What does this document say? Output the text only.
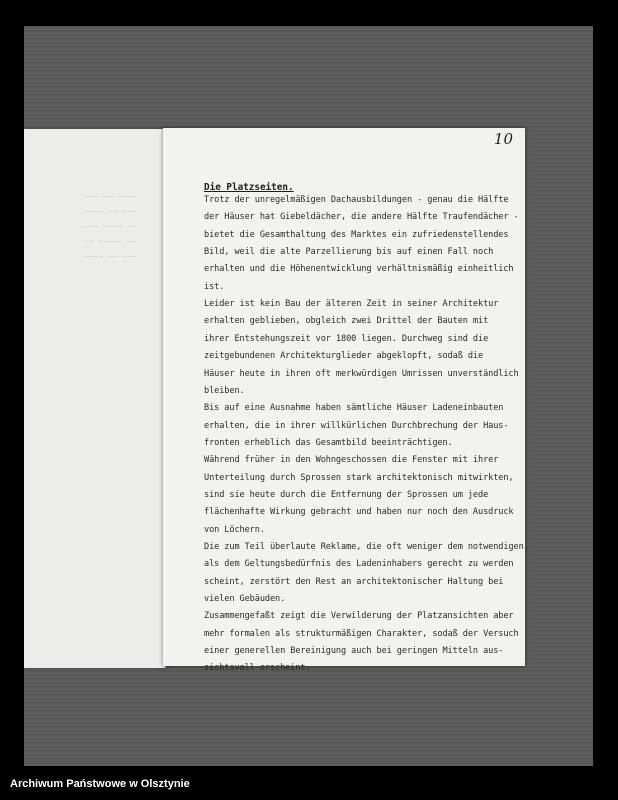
~~~ ~~ ~~~~
~~~~ ~~ ~~~
~~~ ~~~~ ~~
~~ ~~~~~ ~~
~~~~ ~~ ~~~
10
Die Platzseiten.
Trotz der unregelmäßigen Dachausbildungen - genau die Hälfte
der Häuser hat Giebeldächer, die andere Hälfte Traufendächer -
bietet die Gesamthaltung des Marktes ein zufriedenstellendes
Bild, weil die alte Parzellierung bis auf einen Fall noch
erhalten und die Höhenentwicklung verhältnismäßig einheitlich
ist.
Leider ist kein Bau der älteren Zeit in seiner Architektur
erhalten geblieben, obgleich zwei Drittel der Bauten mit
ihrer Entstehungszeit vor 1800 liegen. Durchweg sind die
zeitgebundenen Architekturglieder abgeklopft, sodaß die
Häuser heute in ihren oft merkwürdigen Umrissen unverständlich
bleiben.
Bis auf eine Ausnahme haben sämtliche Häuser Ladeneinbauten
erhalten, die in ihrer willkürlichen Durchbrechung der Haus-
fronten erheblich das Gesamtbild beeinträchtigen.
Während früher in den Wohngeschossen die Fenster mit ihrer
Unterteilung durch Sprossen stark architektonisch mitwirkten,
sind sie heute durch die Entfernung der Sprossen um jede
flächenhafte Wirkung gebracht und haben nur noch den Ausdruck
von Löchern.
Die zum Teil überlaute Reklame, die oft weniger dem notwendigen,
als dem Geltungsbedürfnis des Ladeninhabers gerecht zu werden
scheint, zerstört den Rest an architektonischer Haltung bei
vielen Gebäuden.
Zusammengefaßt zeigt die Verwilderung der Platzansichten aber
mehr formalen als strukturmäßigen Charakter, sodaß der Versuch
einer generellen Bereinigung auch bei geringen Mitteln aus-
sichtsvoll erscheint.
Archiwum Państwowe w Olsztynie
